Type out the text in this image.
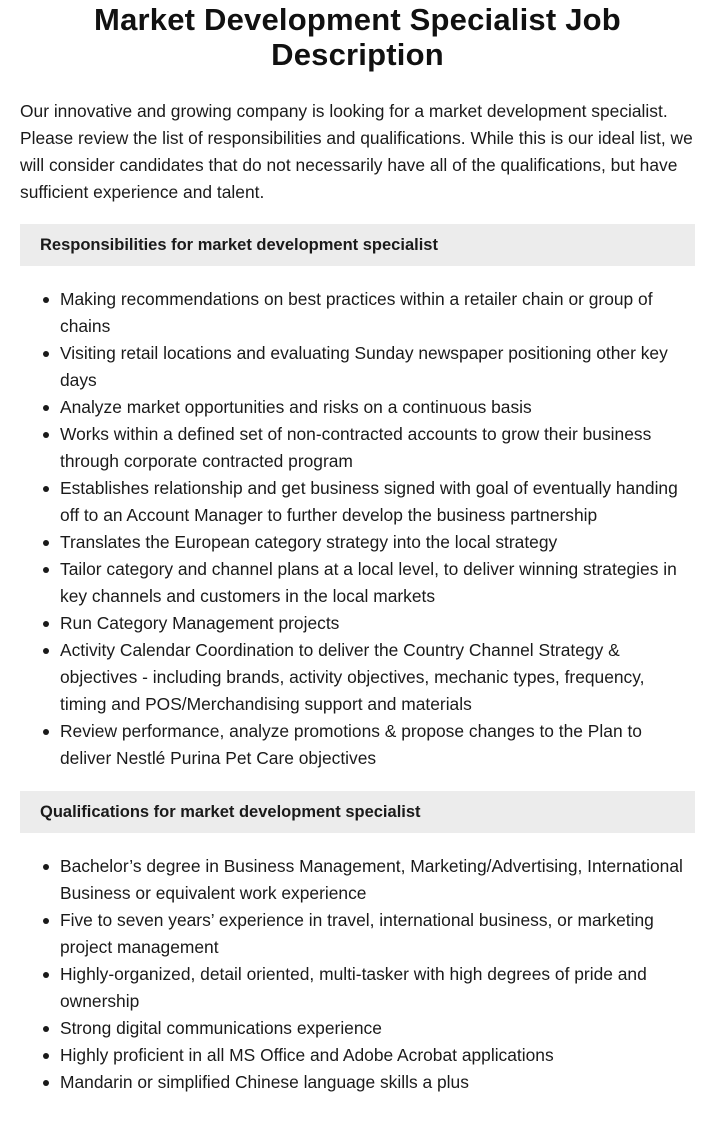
Market Development Specialist Job Description

Our innovative and growing company is looking for a market development specialist. Please review the list of responsibilities and qualifications. While this is our ideal list, we will consider candidates that do not necessarily have all of the qualifications, but have sufficient experience and talent.

Responsibilities for market development specialist
Making recommendations on best practices within a retailer chain or group of chains
Visiting retail locations and evaluating Sunday newspaper positioning other key days
Analyze market opportunities and risks on a continuous basis
Works within a defined set of non-contracted accounts to grow their business through corporate contracted program
Establishes relationship and get business signed with goal of eventually handing off to an Account Manager to further develop the business partnership
Translates the European category strategy into the local strategy
Tailor category and channel plans at a local level, to deliver winning strategies in key channels and customers in the local markets
Run Category Management projects
Activity Calendar Coordination to deliver the Country Channel Strategy & objectives - including brands, activity objectives, mechanic types, frequency, timing and POS/Merchandising support and materials
Review performance, analyze promotions & propose changes to the Plan to deliver Nestlé Purina Pet Care objectives
Qualifications for market development specialist
Bachelor’s degree in Business Management, Marketing/Advertising, International Business or equivalent work experience
Five to seven years’ experience in travel, international business, or marketing project management
Highly-organized, detail oriented, multi-tasker with high degrees of pride and ownership
Strong digital communications experience
Highly proficient in all MS Office and Adobe Acrobat applications
Mandarin or simplified Chinese language skills a plus
